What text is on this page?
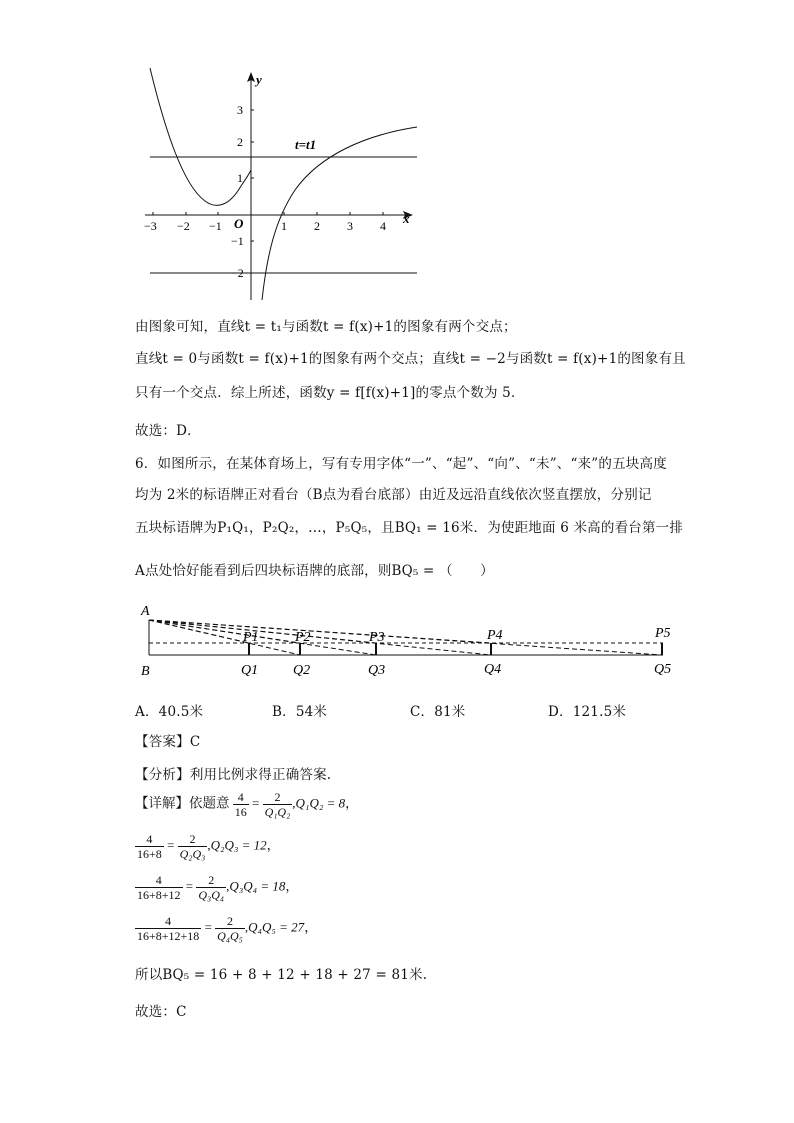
y
x
O
−3 −2 −1	1 2 3 4
3
2
1
−1
−2
t=t1
由图象可知，直线t = t₁与函数t = f(x)+1的图象有两个交点；
直线t = 0与函数t = f(x)+1的图象有两个交点；直线t = −2与函数t = f(x)+1的图象有且
只有一个交点．综上所述，函数y = f[f(x)+1]的零点个数为 5．
故选：D．
6．如图所示，在某体育场上，写有专用字体“一”、“起”、“向”、“未”、“来”的五块高度
均为 2米的标语牌正对看台（B点为看台底部）由近及远沿直线依次竖直摆放，分别记
五块标语牌为P₁Q₁，P₂Q₂，…，P₅Q₅，且BQ₁ = 16米．为使距地面 6 米高的看台第一排
A点处恰好能看到后四块标语牌的底部，则BQ₅ = （　　）
A
B
P1	P2	P3	P4	P5
Q1 Q2	Q3	Q4	Q5
A．40.5米	B．54米	C．81米	D．121.5米
【答案】C
【分析】利用比例求得正确答案.
【详解】依题意 $\frac{4}{16} = \frac{2}{\text{Q₁Q₂}} ,Q_1Q_2 = 8$，
$\frac{4}{16+8} = \frac{2}{\text{Q₂Q₃}} ,Q_2Q_3 = 12$，
$\frac{4}{16+8+12} = \frac{2}{\text{Q₃Q₄}} ,Q_3Q_4 = 18$，
$\frac{4}{16+8+12+18} = \frac{2}{\text{Q₄Q₅}} ,Q_4Q_5 = 27$，
所以BQ₅ = 16 + 8 + 12 + 18 + 27 = 81米.
故选：C
